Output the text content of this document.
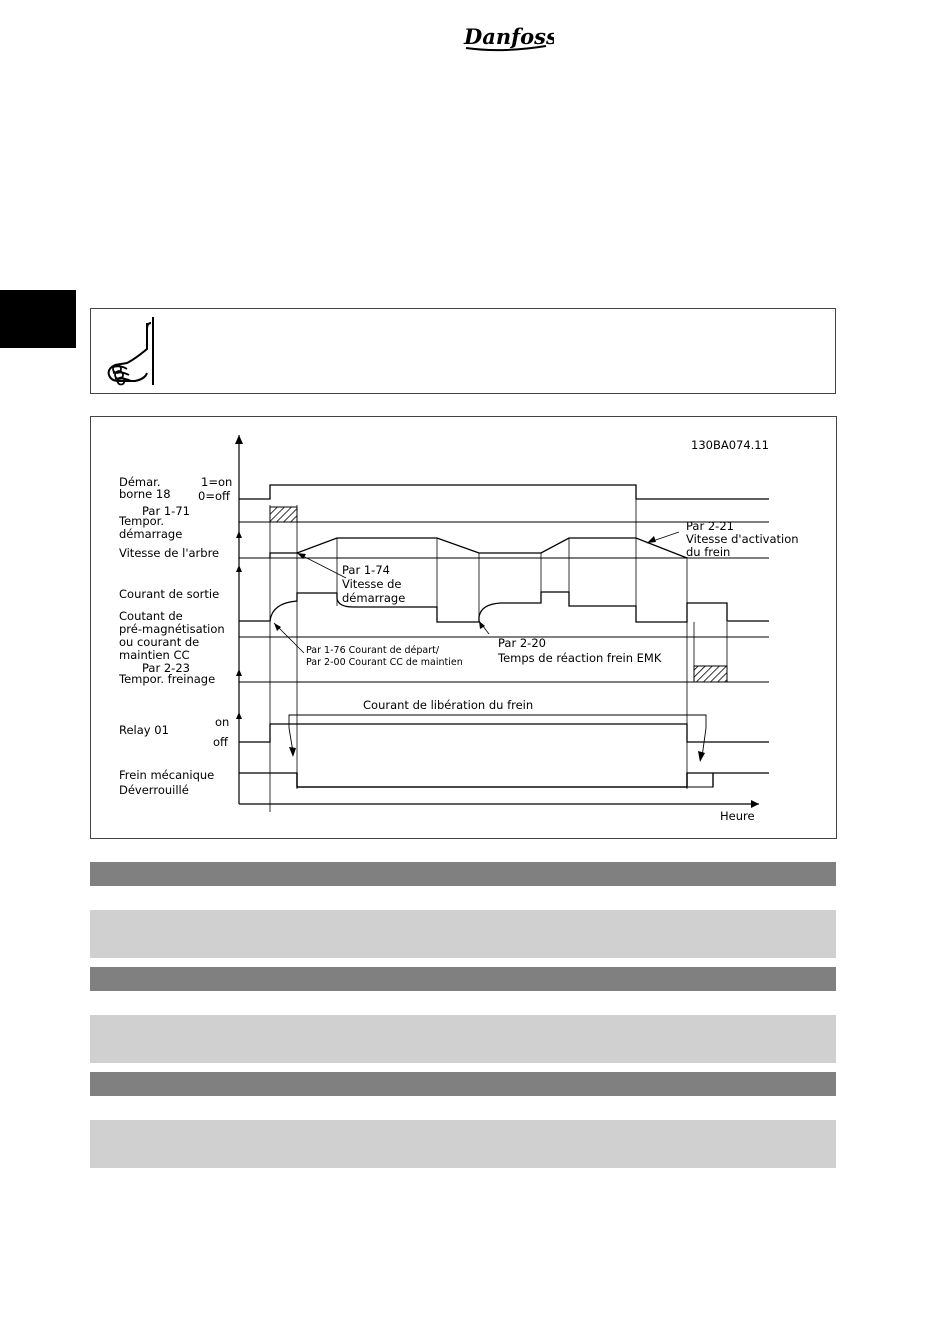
Danfoss
130BA074.11
Démar.
borne 18
1=on
0=off
Par 1-71
Tempor.
démarrage
Vitesse de l'arbre
Courant de sortie
Coutant de
pré-magnétisation
ou courant de
maintien CC
Par 2-23
Tempor. freinage
Relay 01
on
off
Frein mécanique
Déverrouillé
Par 2-21
Vitesse d'activation
du frein
Par 1-74
Vitesse de
démarrage
Par 1-76 Courant de départ/
Par 2-00 Courant CC de maintien
Par 2-20
Temps de réaction frein EMK
Courant de libération du frein
Heure
